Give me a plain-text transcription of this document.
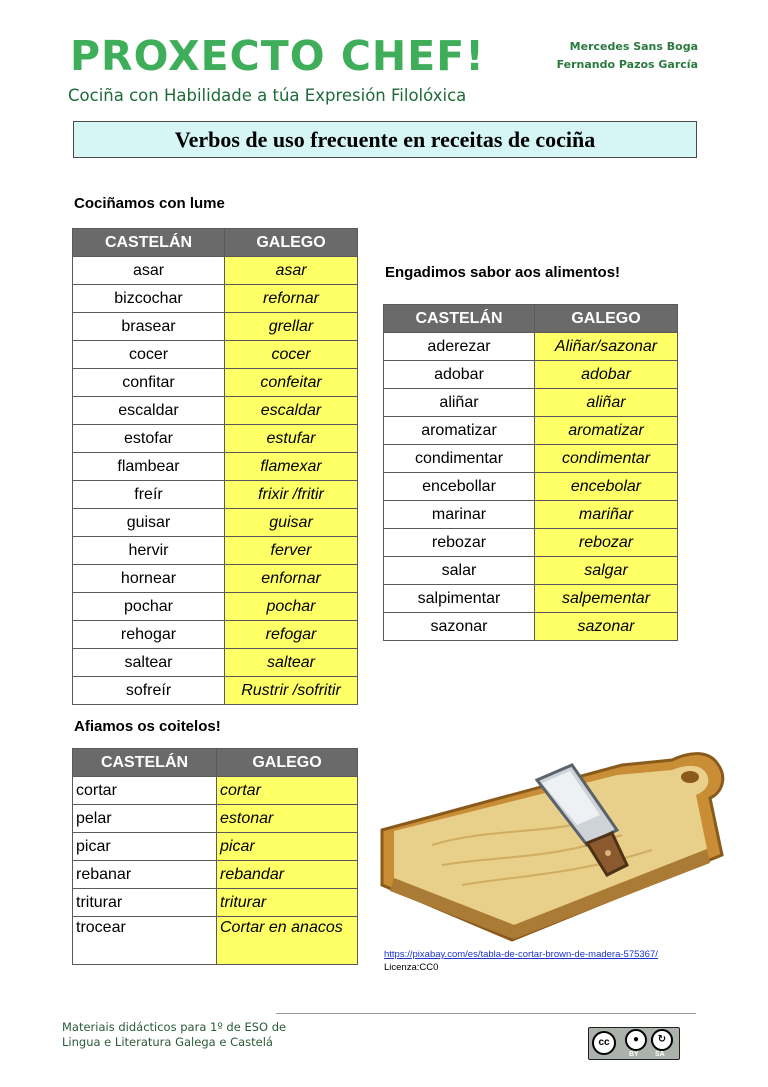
PROXECTO CHEF!
Cociña con Habilidade a túa Expresión Filolóxica
Mercedes Sans Boga
Fernando Pazos García
Verbos de uso frecuente en receitas de cociña
Cociñamos con lume
CASTELÁN	GALEGO
asar	asar
bizcochar	refornar
brasear	grellar
cocer	cocer
confitar	confeitar
escaldar	escaldar
estofar	estufar
flambear	flamexar
freír	frixir /fritir
guisar	guisar
hervir	ferver
hornear	enfornar
pochar	pochar
rehogar	refogar
saltear	saltear
sofreír	Rustrir /sofritir
Engadimos sabor aos alimentos!
CASTELÁN	GALEGO
aderezar	Aliñar/sazonar
adobar	adobar
aliñar	aliñar
aromatizar	aromatizar
condimentar	condimentar
encebollar	encebolar
marinar	mariñar
rebozar	rebozar
salar	salgar
salpimentar	salpementar
sazonar	sazonar
Afiamos os coitelos!
CASTELÁN	GALEGO
cortar	cortar
pelar	estonar
picar	picar
rebanar	rebandar
triturar	triturar
trocear	Cortar en anacos
https://pixabay.com/es/tabla-de-cortar-brown-de-madera-575367/
Licenza:CC0
Materiais didácticos para 1º de ESO de
Lingua e Literatura Galega e Castelá	cc	●	↻
BY SA
